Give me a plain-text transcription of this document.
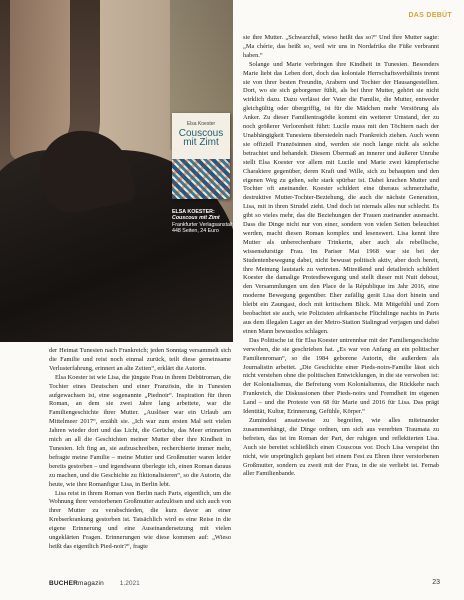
Elsa Koester
Couscous mit Zimt
ELSA KOESTER:
Couscous mit Zimt
Frankfurter Verlagsanstalt
448 Seiten, 24 Euro
DAS DEBÜT

der Heimat Tunesien nach Frankreich; jeden Sonntag versammelt sich die Familie und reist noch einmal zurück, teilt diese gemeinsame Verlusterfahrung, erinnert an alte Zeiten“, erklärt die Autorin.

Elsa Koester ist wie Lisa, die jüngste Frau in ihrem Debütroman, die Tochter eines Deutschen und einer Französin, die in Tunesien aufgewachsen ist, eine sogenannte „Piednoir“. Inspiration für ihren Roman, an dem sie zwei Jahre lang arbeitete, war die Familiengeschichte ihrer Mutter. „Auslöser war ein Urlaub am Mittelmeer 2017“, erzählt sie. „Ich war zum ersten Mal seit vielen Jahren wieder dort und das Licht, die Gerüche, das Meer erinnerten mich an all die Geschichten meiner Mutter über ihre Kindheit in Tunesien. Ich fing an, sie aufzuschreiben, recherchierte immer mehr, befragte meine Familie – meine Mutter und Großmutter waren leider bereits gestorben – und irgendwann überlegte ich, einen Roman daraus zu machen, und die Geschichte zu fiktionalisieren“, so die Autorin, die heute, wie ihre Romanfigur Lisa, in Berlin lebt.

Lisa reist in ihrem Roman von Berlin nach Paris, eigentlich, um die Wohnung ihrer verstorbenen Großmutter aufzulösen und sich auch von ihrer Mutter zu verabschieden, die kurz davor an einer Krebserkrankung gestorben ist. Tatsächlich wird es eine Reise in die eigene Erinnerung und eine Auseinandersetzung mit vielen ungeklärten Fragen. Erinnerungen wie diese kommen auf: „Wieso heißt das eigentlich Pied-noir?“, fragte

sie ihre Mutter. „Schwarzfuß, wieso heißt das so?“ Und ihre Mutter sagte: „Ma chérie, das heißt so, weil wir uns in Nordafrika die Füße verbrannt haben.“

Solange und Marie verbringen ihre Kindheit in Tunesien. Besonders Marie liebt das Leben dort, doch das koloniale Herrschaftsverhältnis trennt sie von ihrer besten Freundin, Arabern und Tochter der Hausangestellten. Dort, wo sie sich geborgener fühlt, als bei ihrer Mutter, gehört sie nicht wirklich dazu. Dazu verlässt der Vater die Familie, die Mutter, entweder gleichgültig oder übergriffig, ist für die Mädchen mehr Verstörung als Anker. Zu dieser Familientragödie kommt ein weiterer Umstand, der zu noch größerer Verlorenheit führt: Lucile muss mit den Töchtern nach der Unabhängigkeit Tunesiens übersiedeln nach Frankreich ziehen. Auch wenn sie offiziell Französinnen sind, werden sie noch lange nicht als solche betrachtet und behandelt. Diesem Übermaß an innerer und äußerer Unruhe stellt Elsa Koester vor allem mit Lucile und Marie zwei kämpferische Charaktere gegenüber, deren Kraft und Wille, sich zu behaupten und den eigenen Weg zu gehen, sehr stark spürbar ist. Dabei krachen Mutter und Tochter oft aneinander. Koester schildert eine überaus schmerzhafte, destruktive Mutter-Tochter-Beziehung, die auch die nächste Generation, Lisa, mit in ihren Strudel zieht. Und doch ist niemals alles nur schlecht. Es gibt so vieles mehr, das die Beziehungen der Frauen zueinander ausmacht. Dass die Dinge nicht nur von einer, sondern von vielen Seiten beleuchtet werden, macht diesen Roman komplex und lesenswert. Lisa kennt ihre Mutter als unberechenbare Trinkerin, aber auch als rebellische, wissensdurstige Frau. Im Pariser Mai 1968 war sie bei der Studentenbewegung dabei, nicht bewusst politisch aktiv, aber doch bereit, ihre Meinung lautstark zu vertreten. Mitreißend und detailreich schildert Koester die damalige Protestbewegung und stellt dieser mit Nuit debout, den Versammlungen um den Place de la République im Jahr 2016, eine moderne Bewegung gegenüber. Eher zufällig gerät Lisa dort hinein und bleibt ein Zaungast, doch mit kritischem Blick. Mit Mitgefühl und Zorn beobachtet sie auch, wie Polizisten afrikanische Flüchtlinge nachts in Paris aus dem illegalen Lager an der Metro-Station Stalingrad verjagen und dabei einen Mann bewusstlos schlagen.

Das Politische ist für Elsa Koester untrennbar mit der Familiengeschichte verwoben, die sie geschrieben hat. „Es war von Anfang an ein politischer Familienroman“, so die 1984 geborene Autorin, die außerdem als Journalistin arbeitet. „Die Geschichte einer Pieds-noirs-Familie lässt sich nicht verstehen ohne die politischen Entwicklungen, in die sie verwoben ist: der Kolonialismus, die Befreiung vom Kolonialismus, die Rückkehr nach Frankreich, die Diskussionen über Pieds-noirs und Fremdheit im eigenen Land – und die Proteste von 68 für Marie und 2016 für Lisa. Das prägt Identität, Kultur, Erinnerung, Gefühle, Körper.“

Zumindest ansatzweise zu begreifen, wie alles miteinander zusammenhängt, die Dinge ordnen, um sich aus vererbten Traumata zu befreien, das ist im Roman der Part, der ruhigen und reflektierten Lisa. Auch sie bereitet schließlich einen Couscous vor. Doch Lisa verspeist ihn nicht, wie ursprünglich geplant bei einem Fest zu Ehren ihrer verstorbenen Großmutter, sondern zu zweit mit der Frau, in die sie verliebt ist. Fernab aller Familienbande.

BUCHERmagazin 1.2021	23
